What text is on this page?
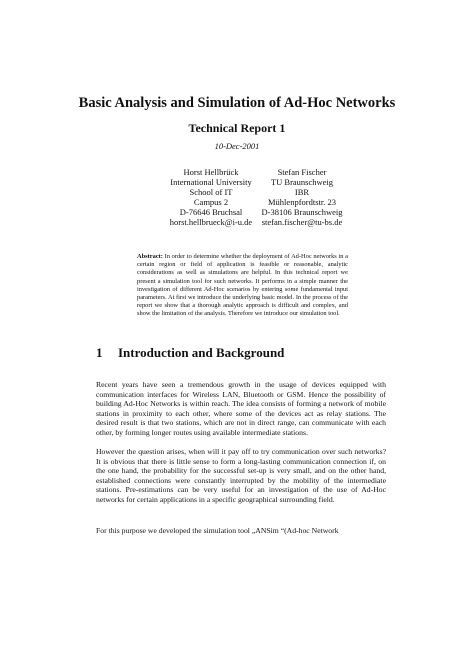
Basic Analysis and Simulation of Ad-Hoc Networks
Technical Report 1
10-Dec-2001
Horst Hellbrück
International University
School of IT
Campus 2
D-76646 Bruchsal
horst.hellbrueck@i-u.de
Stefan Fischer
TU Braunschweig
IBR
Mühlenpfordtstr. 23
D-38106 Braunschweig
stefan.fischer@tu-bs.de
Abstract: In order to determine whether the deployment of Ad-Hoc networks in a certain region or field of application is feasible or reasonable, analytic considerations as well as simulations are helpful. In this technical report we present a simulation tool for such networks. It performs in a simple manner the investigation of different Ad-Hoc scenarios by entering some fundamental input parameters. At first we introduce the underlying basic model. In the process of the report we show that a thorough analytic approach is difficult and complex, and show the limitation of the analysis. Therefore we introduce our simulation tool.
1 Introduction and Background
Recent years have seen a tremendous growth in the usage of devices equipped with communication interfaces for Wireless LAN, Bluetooth or GSM. Hence the possibility of building Ad-Hoc Networks is within reach. The idea consists of forming a network of mobile stations in proximity to each other, where some of the devices act as relay stations. The desired result is that two stations, which are not in direct range, can communicate with each other, by forming longer routes using available intermediate stations.
However the question arises, when will it pay off to try communication over such networks? It is obvious that there is little sense to form a long-lasting communication connection if, on the one hand, the probability for the successful set-up is very small, and on the other hand, established connections were constantly interrupted by the mobility of the intermediate stations. Pre-estimations can be very useful for an investigation of the use of Ad-Hoc networks for certain applications in a specific geographical surrounding field.
For this purpose we developed the simulation tool „ANSim “(Ad-hoc Network
